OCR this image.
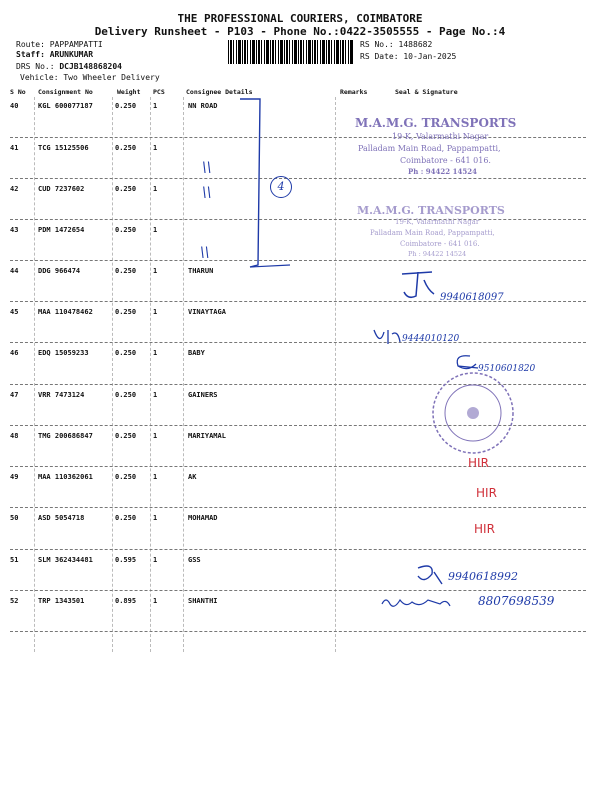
THE PROFESSIONAL COURIERS, COIMBATORE
Delivery Runsheet - P103 - Phone No.:0422-3505555 - Page No.:4
Route: PAPPAMPATTI
Staff: ARUNKUMAR
DRS No.: DCJB148868204
Vehicle: Two Wheeler Delivery
RS No.: 1488682
RS Date: 10-Jan-2025
S No Consignment No	Weight PCS	Consignee Details	Remarks	Seal & Signature
40	KGL 600077187	0.250 1	NN ROAD
41	TCG 15125506	0.250 1
42	CUD 7237602	0.250 1
43	PDM 1472654	0.250 1
44	DDG 966474	0.250 1	THARUN
45	MAA 110478462	0.250 1	VINAYTAGA
46	EDQ 15059233	0.250 1	BABY
47	VRR 7473124	0.250 1	GAINERS
48	TMG 200686847	0.250 1	MARIYAMAL
49	MAA 110362061	0.250 1	AK
50	ASD 5054718	0.250 1	MOHAMAD
51	SLM 362434481	0.595 1	GSS
52	TRP 1343501	0.895 1	SHANTHI
\\
\\
\\
4
M.A.M.G. TRANSPORTS
19-K, Valarmathi Nagar
Palladam Main Road, Pappampatti,
Coimbatore - 641 016.
Ph : 94422 14524
M.A.M.G. TRANSPORTS
19-K, Valarmathi Nagar
Palladam Main Road, Pappampatti,
Coimbatore - 641 016.
Ph : 94422 14524
9940618097
9444010120
9510601820
HIR
HIR
HIR
9940618992
8807698539
